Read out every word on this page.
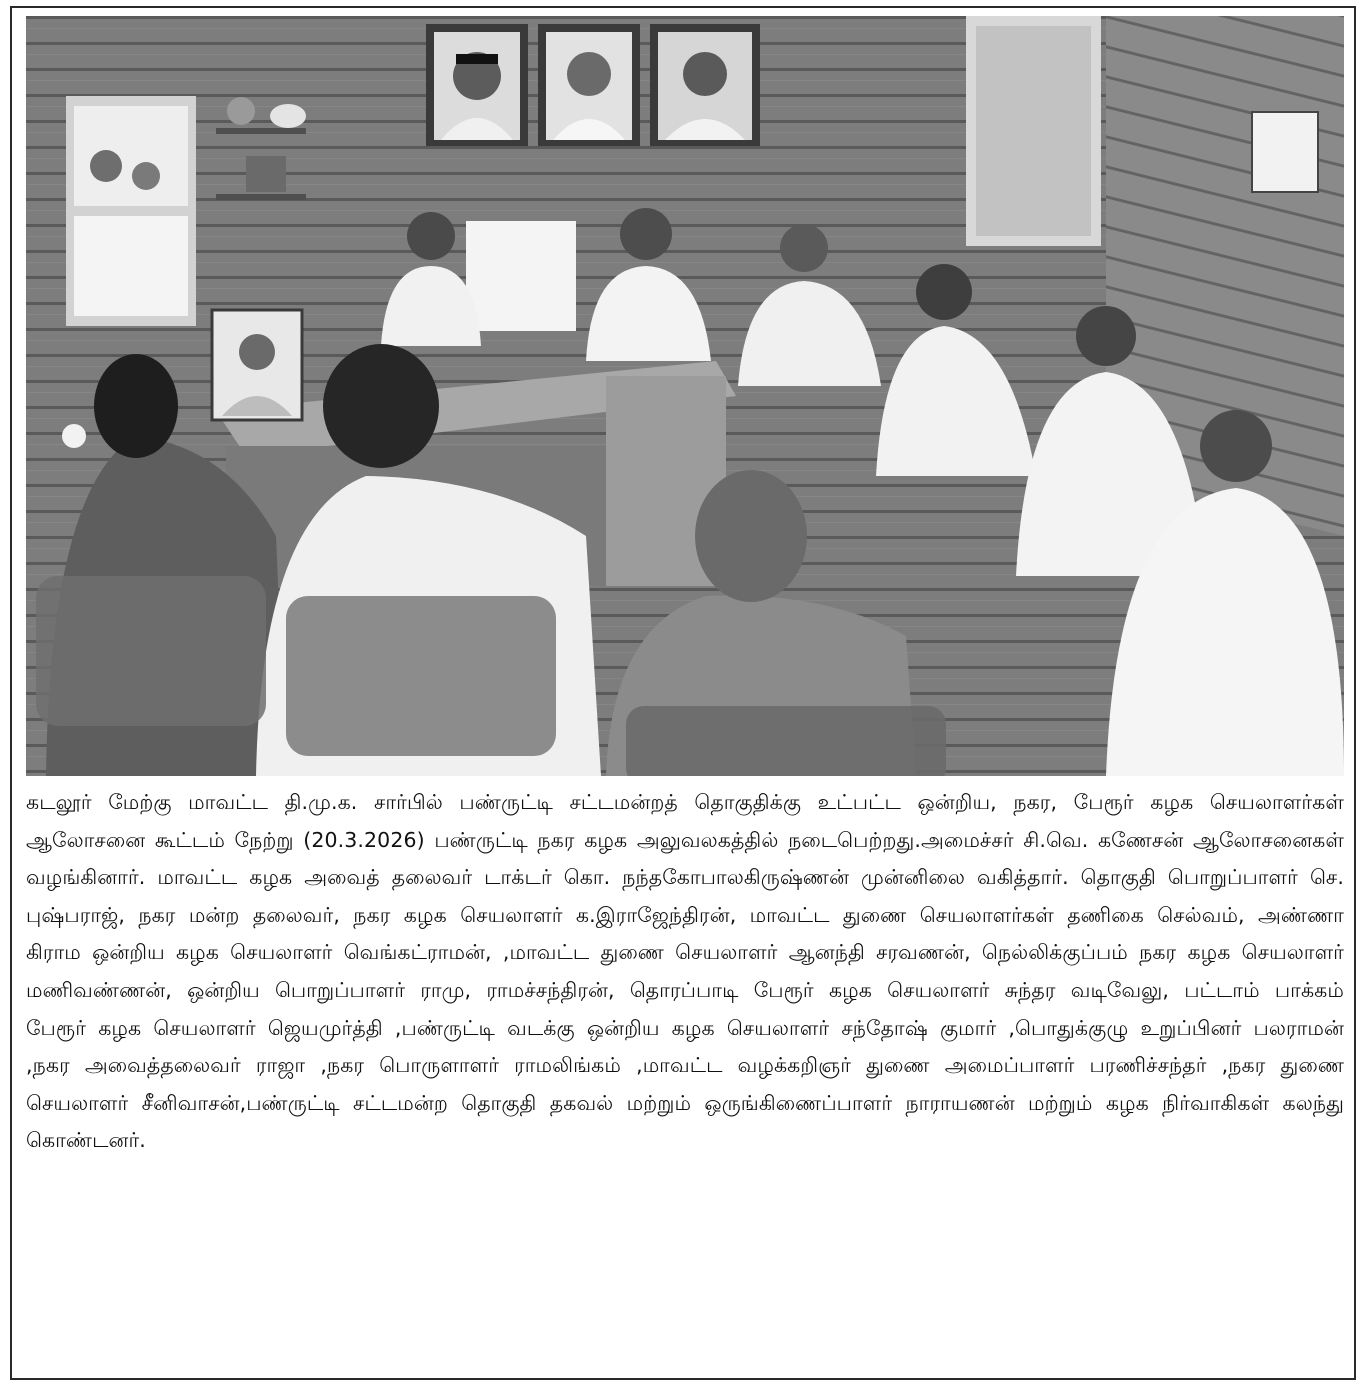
கடலூர் மேற்கு மாவட்ட தி.மு.க. சார்பில் பண்ருட்டி சட்டமன்றத் தொகுதிக்கு உட்பட்ட ஒன்றிய, நகர, பேரூர் கழக செயலாளர்கள் ஆலோசனை கூட்டம் நேற்று (20.3.2026) பண்ருட்டி நகர கழக அலுவலகத்தில் நடைபெற்றது.அமைச்சர் சி.வெ. கணேசன் ஆலோசனைகள் வழங்கினார். மாவட்ட கழக அவைத் தலைவர் டாக்டர் கொ. நந்தகோபாலகிருஷ்ணன் முன்னிலை வகித்தார். தொகுதி பொறுப்பாளர் செ. புஷ்பராஜ், நகர மன்ற தலைவர், நகர கழக செயலாளர் க.இராஜேந்திரன், மாவட்ட துணை செயலாளர்கள் தணிகை செல்வம், அண்ணா கிராம ஒன்றிய கழக செயலாளர் வெங்கட்ராமன், ,மாவட்ட துணை செயலாளர் ஆனந்தி சரவணன், நெல்லிக்குப்பம் நகர கழக செயலாளர் மணிவண்ணன், ஒன்றிய பொறுப்பாளர் ராமு, ராமச்சந்திரன், தொரப்பாடி பேரூர் கழக செயலாளர் சுந்தர வடிவேலு, பட்டாம் பாக்கம் பேரூர் கழக செயலாளர் ஜெயமுர்த்தி ,பண்ருட்டி வடக்கு ஒன்றிய கழக செயலாளர் சந்தோஷ் குமார் ,பொதுக்குழு உறுப்பினர் பலராமன் ,நகர அவைத்தலைவர் ராஜா ,நகர பொருளாளர் ராமலிங்கம் ,மாவட்ட வழக்கறிஞர் துணை அமைப்பாளர் பரணிச்சந்தர் ,நகர துணை செயலாளர் சீனிவாசன்,பண்ருட்டி சட்டமன்ற தொகுதி தகவல் மற்றும் ஒருங்கிணைப்பாளர் நாராயணன் மற்றும் கழக நிர்வாகிகள் கலந்து கொண்டனர்.
